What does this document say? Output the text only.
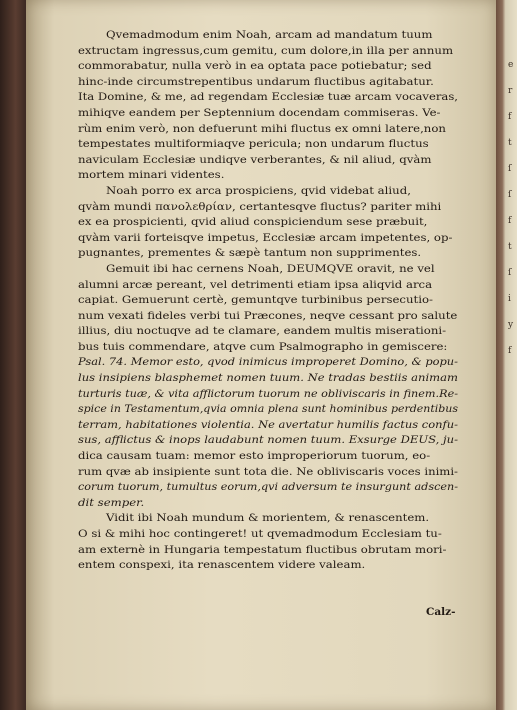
e
r
f
t
ſ
ſ
f
t
ſ
i
y
f
Qvemadmodum enim Noah, arcam ad mandatum tuum
extructam ingressus,cum gemitu, cum dolore,in illa per annum
commorabatur, nulla verò in ea optata pace potiebatur; sed
hinc-inde circumstrepentibus undarum fluctibus agitabatur.
Ita Domine, & me, ad regendam Ecclesiæ tuæ arcam vocaveras,
mihiqve eandem per Septennium docendam commiseras. Ve-
rùm enim verò, non defuerunt mihi fluctus ex omni latere,non
tempestates multiformiaqve pericula; non undarum fluctus
naviculam Ecclesiæ undiqve verberantes, & nil aliud, qvàm
mortem minari videntes.
Noah porro ex arca prospiciens, qvid videbat aliud,
qvàm mundi πανολεθρίαν, certantesqve fluctus? pariter mihi
ex ea prospicienti, qvid aliud conspiciendum sese præbuit,
qvàm varii forteisqve impetus, Ecclesiæ arcam impetentes, op-
pugnantes, prementes & sæpè tantum non supprimentes.
Gemuit ibi hac cernens Noah, DEUMQVE oravit, ne vel
alumni arcæ pereant, vel detrimenti etiam ipsa aliqvid arca
capiat. Gemuerunt certè, gemuntqve turbinibus persecutio-
num vexati fideles verbi tui Præcones, neqve cessant pro salute
illius, diu noctuqve ad te clamare, eandem multis miserationi-
bus tuis commendare, atqve cum Psalmographo in gemiscere:
Psal. 74. Memor esto, qvod inimicus improperet Domino, & popu-
lus insipiens blasphemet nomen tuum. Ne tradas bestiis animam
turturis tuæ, & vita afflictorum tuorum ne obliviscaris in finem.Re-
spice in Testamentum,qvia omnia plena sunt hominibus perdentibus
terram, habitationes violentia. Ne avertatur humilis factus confu-
sus, afflictus & inops laudabunt nomen tuum. Exsurge DEUS, ju-
dica causam tuam: memor esto improperiorum tuorum, eo-
rum qvæ ab insipiente sunt tota die. Ne obliviscaris voces inimi-
corum tuorum, tumultus eorum,qvi adversum te insurgunt adscen-
dit semper.
Vidit ibi Noah mundum & morientem, & renascentem.
O si & mihi hoc contingeret! ut qvemadmodum Ecclesiam tu-
am externè in Hungaria tempestatum fluctibus obrutam mori-
entem conspexi, ita renascentem videre valeam.
Calz-
